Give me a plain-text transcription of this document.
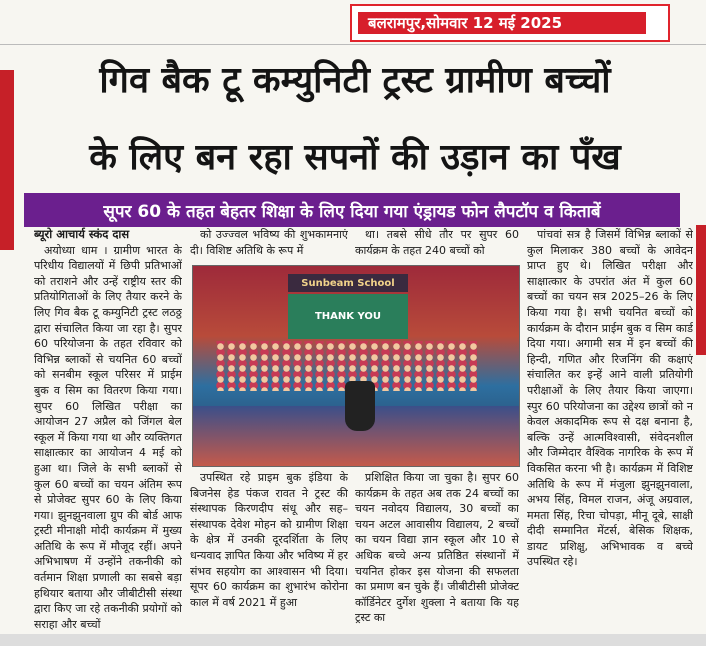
बलरामपुर,सोमवार 12 मई 2025
गिव बैक टू कम्युनिटी ट्रस्ट ग्रामीण बच्चों
के लिए बन रहा सपनों की उड़ान का पँख
सूपर 60 के तहत बेहतर शिक्षा के लिए दिया गया एंड्रायड फोन लैपटॉप व किताबें
ब्यूरो आचार्य स्कंद दास

अयोध्या धाम । ग्रामीण भारत के परिधीय विद्यालयों में छिपी प्रतिभाओं को तराशने और उन्हें राष्ट्रीय स्तर की प्रतियोगिताओं के लिए तैयार करने के लिए गिव बैक टू कम्युनिटी ट्रस्ट लठठ्ठ द्वारा संचालित किया जा रहा है। सुपर 60 परियोजना के तहत रविवार को विभिन्न ब्लाकों से चयनित 60 बच्चों को सनबीम स्कूल परिसर में प्राईम बुक व सिम का वितरण किया गया। सुपर 60 लिखित परीक्षा का आयोजन 27 अप्रैल को जिंगल बेल स्कूल में किया गया था और व्यक्तिगत साक्षात्कार का आयोजन 4 मई को हुआ था। जिले के सभी ब्लाकों से कुल 60 बच्चों का चयन अंतिम रूप से प्रोजेक्ट सुपर 60 के लिए किया गया। झुनझुनवाला ग्रुप की बोर्ड आफ ट्रस्टी मीनाक्षी मोदी कार्यक्रम में मुख्य अतिथि के रूप में मौजूद रहीं। अपने अभिभाषण में उन्होंने तकनीकी को वर्तमान शिक्षा प्रणाली का सबसे बड़ा हथियार बताया और जीबीटीसी संस्था द्वारा किए जा रहे तकनीकी प्रयोगों को सराहा और बच्चों

को उज्ज्वल भविष्य की शुभकामनाएं दी। विशिष्ट अतिथि के रूप में

था। तबसे सीधे तौर पर सुपर 60 कार्यक्रम के तहत 240 बच्चों को

Sunbeam School
THANK YOU

उपस्थित रहे प्राइम बुक इंडिया के बिजनेस हेड पंकज रावत ने ट्रस्ट की संस्थापक किरणदीप संधू और सह–संस्थापक देवेश मोहन को ग्रामीण शिक्षा के क्षेत्र में उनकी दूरदर्शिता के लिए धन्यवाद ज्ञापित किया और भविष्य में हर संभव सहयोग का आश्वासन भी दिया। सूपर 60 कार्यक्रम का शुभारंभ कोरोना काल में वर्ष 2021 में हुआ

प्रशिक्षित किया जा चुका है। सुपर 60 कार्यक्रम के तहत अब तक 24 बच्चों का चयन नवोदय विद्यालय, 30 बच्चों का चयन अटल आवासीय विद्यालय, 2 बच्चों का चयन विद्या ज्ञान स्कूल और 10 से अधिक बच्चे अन्य प्रतिष्ठित संस्थानों में चयनित होकर इस योजना की सफलता का प्रमाण बन चुके हैं। जीबीटीसी प्रोजेक्ट कॉर्डिनेटर दुर्गेश शुक्ला ने बताया कि यह ट्रस्ट का

पांचवां सत्र है जिसमें विभिन्न ब्लाकों से कुल मिलाकर 380 बच्चों के आवेदन प्राप्त हुए थे। लिखित परीक्षा और साक्षात्कार के उपरांत अंत में कुल 60 बच्चों का चयन सत्र 2025–26 के लिए किया गया है। सभी चयनित बच्चों को कार्यक्रम के दौरान प्राईम बुक व सिम कार्ड दिया गया। अगामी सत्र में इन बच्चों की हिन्दी, गणित और रिजनिंग की कक्षाएं संचालित कर इन्हें आने वाली प्रतियोगी परीक्षाओं के लिए तैयार किया जाएगा। स्पुर 60 परियोजना का उद्देश्य छात्रों को न केवल अकादमिक रूप से दक्ष बनाना है, बल्कि उन्हें आत्मविश्वासी, संवेदनशील और जिम्मेदार वैश्विक नागरिक के रूप में विकसित करना भी है। कार्यक्रम में विशिष्ट अतिथि के रूप में मंजुला झुनझुनवाला, अभय सिंह, विमल राजन, अंजू अग्रवाल, ममता सिंह, रिचा चोपड़ा, मीनू दूबे, साक्षी दीदी सम्मानित मेंटर्स, बेसिक शिक्षक, डायट प्रशिक्षु, अभिभावक व बच्चे उपस्थित रहे।
